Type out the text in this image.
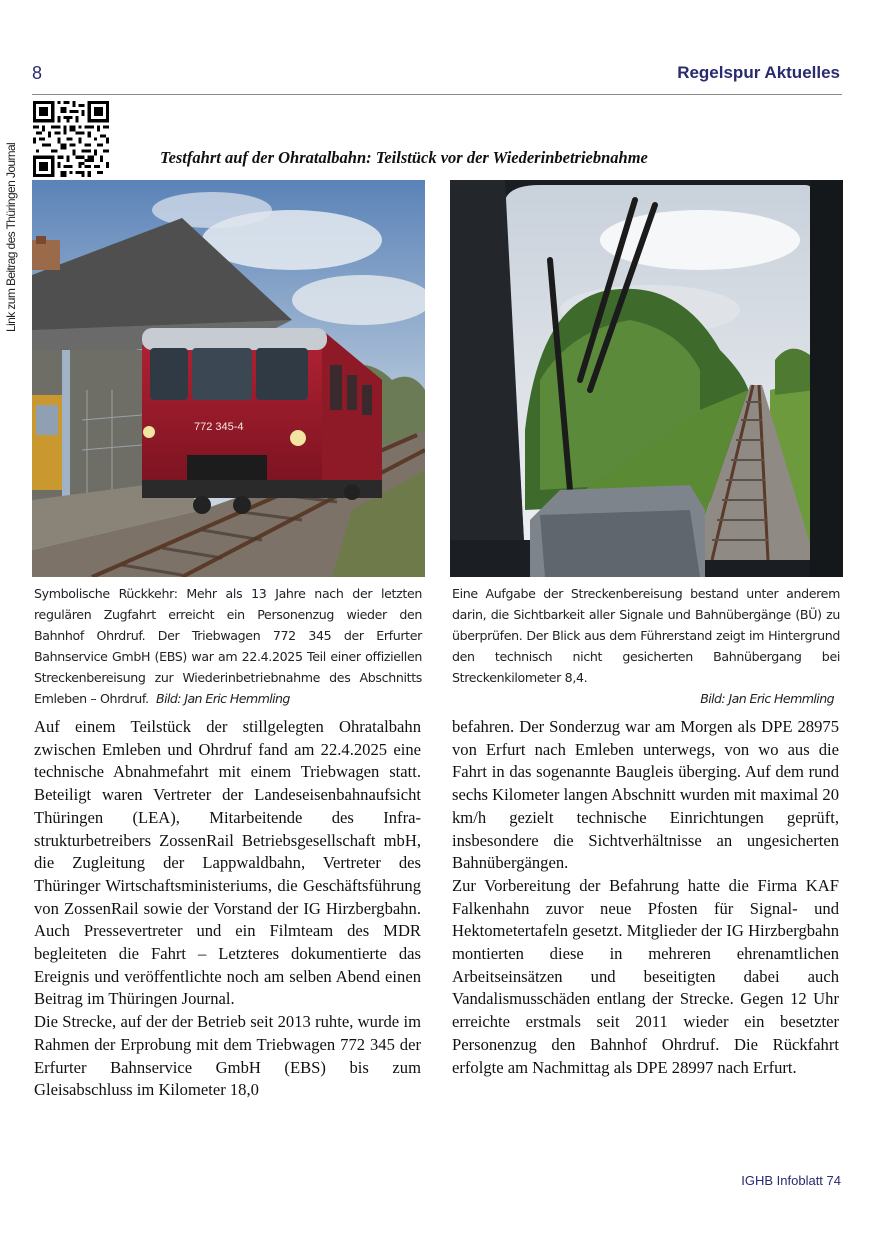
8	Regelspur Aktuelles
Link zum Beitrag des Thüringen Journal	Testfahrt auf der Ohratalbahn: Teilstück vor der Wiederinbetriebnahme
772 345-4
Symbolische Rückkehr: Mehr als 13 Jahre nach der letzten regulären Zugfahrt erreicht ein Personenzug wieder den Bahnhof Ohrdruf. Der Triebwagen 772 345 der Erfurter Bahnservice GmbH (EBS) war am 22.4.2025 Teil einer offiziellen Streckenbereisung zur Wiederinbetriebnahme des Abschnitts Emleben – Ohrdruf. Bild: Jan Eric Hemmling
Eine Aufgabe der Streckenbereisung bestand unter anderem darin, die Sichtbarkeit aller Signale und Bahnübergänge (BÜ) zu überprüfen. Der Blick aus dem Führerstand zeigt im Hintergrund den technisch nicht gesicherten Bahnübergang bei Streckenkilometer 8,4.
Bild: Jan Eric Hemmling

Auf einem Teilstück der stillgelegten Ohratalbahn zwischen Emleben und Ohrdruf fand am 22.4.2025 eine technische Abnahmefahrt mit einem Triebwagen statt. Beteiligt waren Vertreter der Landeseisenbahnaufsicht Thüringen (LEA), Mitarbeitende des Infrastrukturbetreibers ZossenRail Betriebsgesellschaft mbH, die Zugleitung der Lappwaldbahn, Vertreter des Thüringer Wirtschaftsministeriums, die Geschäftsführung von ZossenRail sowie der Vorstand der IG Hirzbergbahn. Auch Pressevertreter und ein Filmteam des MDR begleiteten die Fahrt – Letzteres dokumentierte das Ereignis und veröffentlichte noch am selben Abend einen Beitrag im Thüringen Journal.

Die Strecke, auf der der Betrieb seit 2013 ruhte, wurde im Rahmen der Erprobung mit dem Triebwagen 772 345 der Erfurter Bahnservice GmbH (EBS) bis zum Gleisabschluss im Kilometer 18,0

befahren. Der Sonderzug war am Morgen als DPE 28975 von Erfurt nach Emleben unterwegs, von wo aus die Fahrt in das sogenannte Baugleis überging. Auf dem rund sechs Kilometer langen Abschnitt wurden mit maximal 20 km/h gezielt technische Einrichtungen geprüft, insbesondere die Sichtverhältnisse an ungesicherten Bahnübergängen.

Zur Vorbereitung der Befahrung hatte die Firma KAF Falkenhahn zuvor neue Pfosten für Signal- und Hektometertafeln gesetzt. Mitglieder der IG Hirzbergbahn montierten diese in mehreren ehrenamtlichen Arbeitseinsätzen und beseitigten dabei auch Vandalismusschäden entlang der Strecke. Gegen 12 Uhr erreichte erstmals seit 2011 wieder ein besetzter Personenzug den Bahnhof Ohrdruf. Die Rückfahrt erfolgte am Nachmittag als DPE 28997 nach Erfurt.

IGHB Infoblatt 74
